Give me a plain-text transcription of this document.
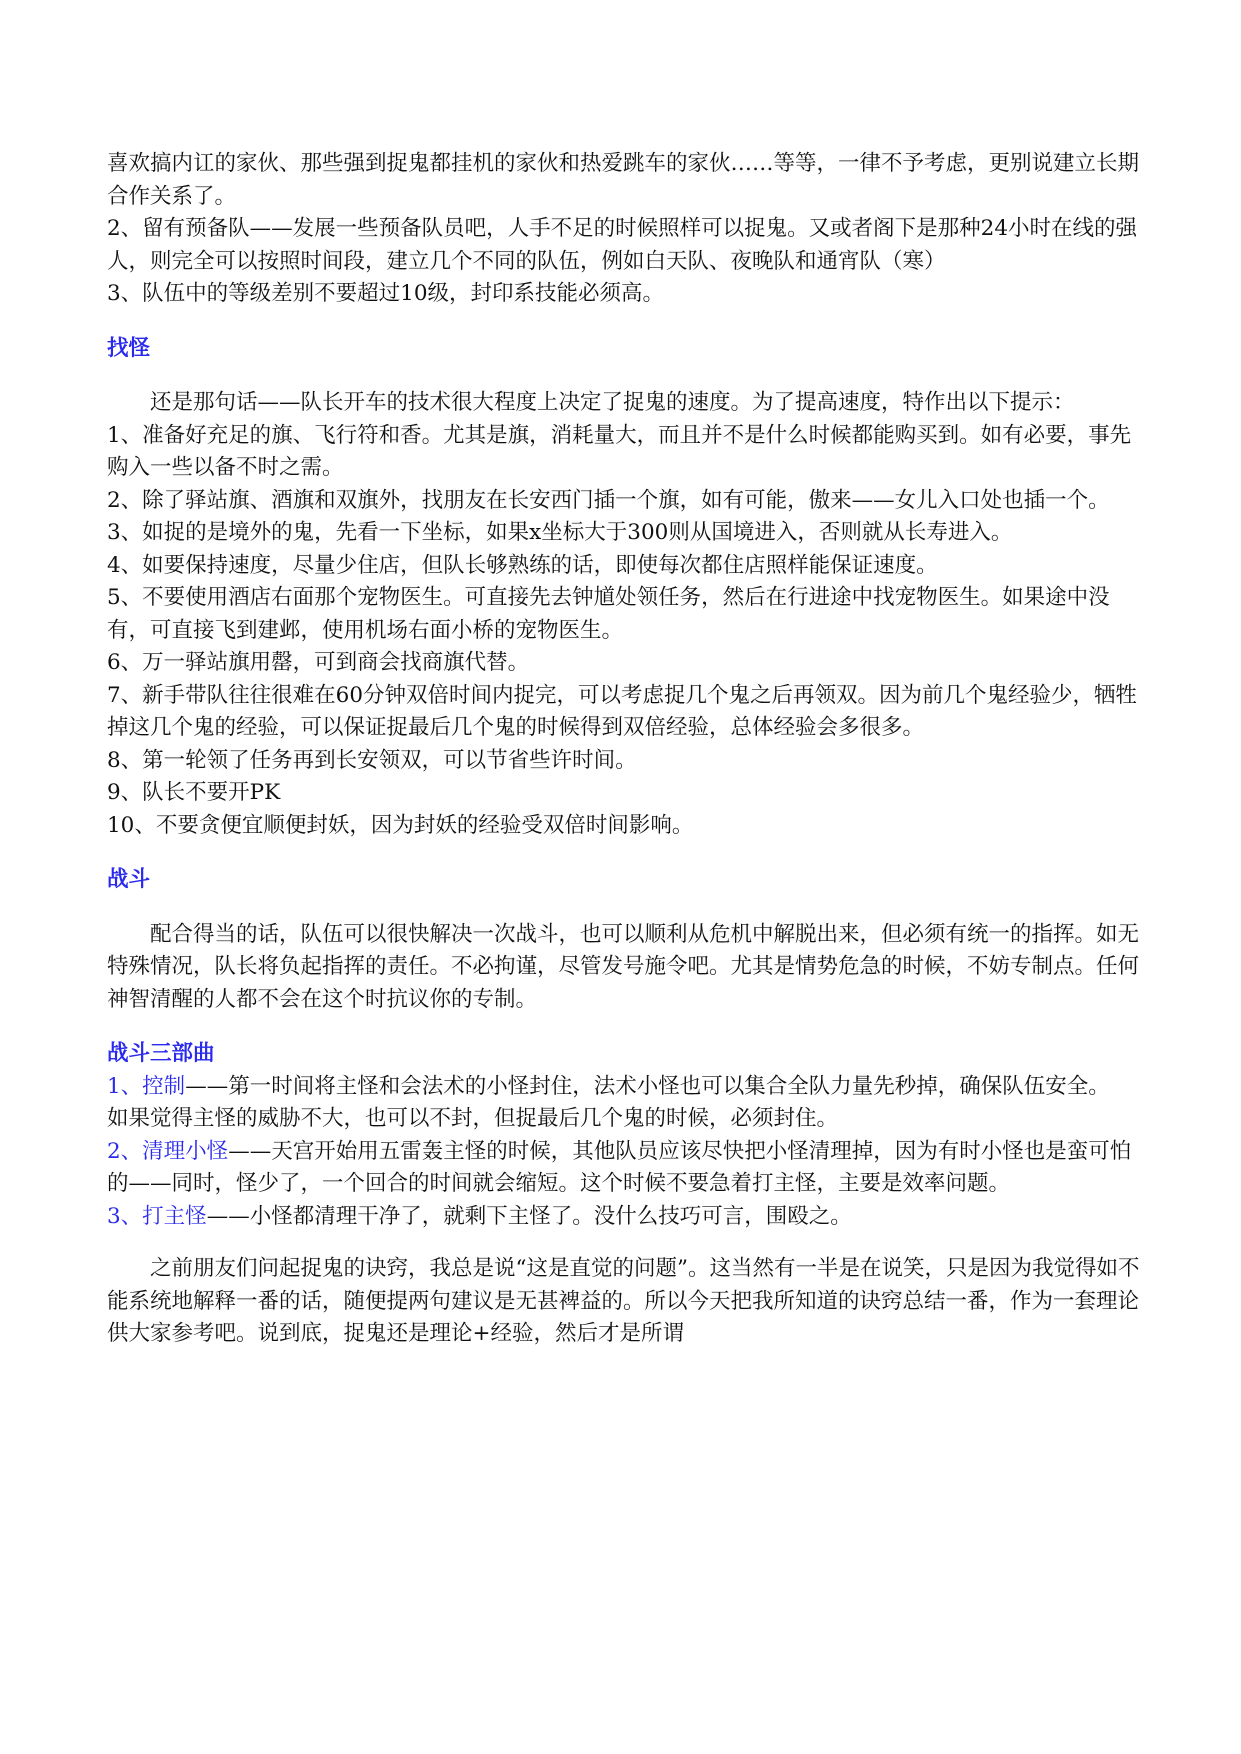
喜欢搞内讧的家伙、那些强到捉鬼都挂机的家伙和热爱跳车的家伙……等等，一律不予考虑，更别说建立长期合作关系了。

2、留有预备队——发展一些预备队员吧，人手不足的时候照样可以捉鬼。又或者阁下是那种24小时在线的强人，则完全可以按照时间段，建立几个不同的队伍，例如白天队、夜晚队和通宵队（寒）

3、队伍中的等级差别不要超过10级，封印系技能必须高。

找怪

还是那句话——队长开车的技术很大程度上决定了捉鬼的速度。为了提高速度，特作出以下提示：

1、准备好充足的旗、飞行符和香。尤其是旗，消耗量大，而且并不是什么时候都能购买到。如有必要，事先购入一些以备不时之需。

2、除了驿站旗、酒旗和双旗外，找朋友在长安西门插一个旗，如有可能，傲来——女儿入口处也插一个。

3、如捉的是境外的鬼，先看一下坐标，如果x坐标大于300则从国境进入，否则就从长寿进入。

4、如要保持速度，尽量少住店，但队长够熟练的话，即使每次都住店照样能保证速度。

5、不要使用酒店右面那个宠物医生。可直接先去钟馗处领任务，然后在行进途中找宠物医生。如果途中没有，可直接飞到建邺，使用机场右面小桥的宠物医生。

6、万一驿站旗用罄，可到商会找商旗代替。

7、新手带队往往很难在60分钟双倍时间内捉完，可以考虑捉几个鬼之后再领双。因为前几个鬼经验少，牺牲掉这几个鬼的经验，可以保证捉最后几个鬼的时候得到双倍经验，总体经验会多很多。

8、第一轮领了任务再到长安领双，可以节省些许时间。

9、队长不要开PK

10、不要贪便宜顺便封妖，因为封妖的经验受双倍时间影响。

战斗

配合得当的话，队伍可以很快解决一次战斗，也可以顺利从危机中解脱出来，但必须有统一的指挥。如无特殊情况，队长将负起指挥的责任。不必拘谨，尽管发号施令吧。尤其是情势危急的时候，不妨专制点。任何神智清醒的人都不会在这个时抗议你的专制。

战斗三部曲

1、控制——第一时间将主怪和会法术的小怪封住，法术小怪也可以集合全队力量先秒掉，确保队伍安全。

如果觉得主怪的威胁不大，也可以不封，但捉最后几个鬼的时候，必须封住。

2、清理小怪——天宫开始用五雷轰主怪的时候，其他队员应该尽快把小怪清理掉，因为有时小怪也是蛮可怕的——同时，怪少了，一个回合的时间就会缩短。这个时候不要急着打主怪，主要是效率问题。

3、打主怪——小怪都清理干净了，就剩下主怪了。没什么技巧可言，围殴之。

之前朋友们问起捉鬼的诀窍，我总是说“这是直觉的问题”。这当然有一半是在说笑，只是因为我觉得如不能系统地解释一番的话，随便提两句建议是无甚裨益的。所以今天把我所知道的诀窍总结一番，作为一套理论供大家参考吧。说到底，捉鬼还是理论+经验，然后才是所谓
